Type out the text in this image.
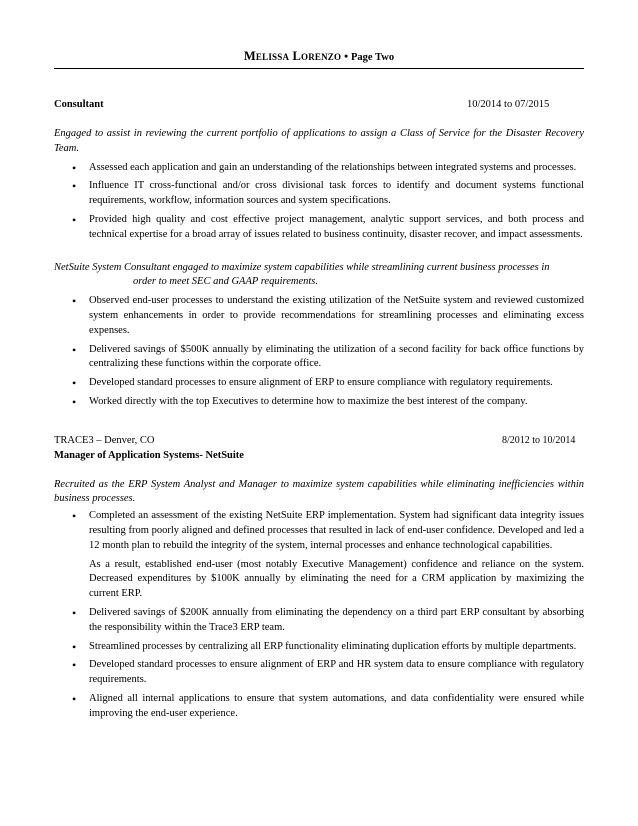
Melissa Lorenzo • Page Two
Consultant	10/2014 to 07/2015
Engaged to assist in reviewing the current portfolio of applications to assign a Class of Service for the Disaster Recovery Team.
• Assessed each application and gain an understanding of the relationships between integrated systems and processes.
• Influence IT cross-functional and/or cross divisional task forces to identify and document systems functional requirements, workflow, information sources and system specifications.
• Provided high quality and cost effective project management, analytic support services, and both process and technical expertise for a broad array of issues related to business continuity, disaster recover, and impact assessments.
NetSuite System Consultant engaged to maximize system capabilities while streamlining current business processes in
order to meet SEC and GAAP requirements.
• Observed end-user processes to understand the existing utilization of the NetSuite system and reviewed customized system enhancements in order to provide recommendations for streamlining processes and eliminating excess expenses.
• Delivered savings of $500K annually by eliminating the utilization of a second facility for back office functions by centralizing these functions within the corporate office.
• Developed standard processes to ensure alignment of ERP to ensure compliance with regulatory requirements.
• Worked directly with the top Executives to determine how to maximize the best interest of the company.
TRACE3 – Denver, CO	8/2012 to 10/2014
Manager of Application Systems- NetSuite
Recruited as the ERP System Analyst and Manager to maximize system capabilities while eliminating inefficiencies within business processes.
• Completed an assessment of the existing NetSuite ERP implementation. System had significant data integrity issues resulting from poorly aligned and defined processes that resulted in lack of end-user confidence. Developed and led a 12 month plan to rebuild the integrity of the system, internal processes and enhance technological capabilities.

As a result, established end-user (most notably Executive Management) confidence and reliance on the system. Decreased expenditures by $100K annually by eliminating the need for a CRM application by maximizing the current ERP.

• Delivered savings of $200K annually from eliminating the dependency on a third part ERP consultant by absorbing the responsibility within the Trace3 ERP team.
• Streamlined processes by centralizing all ERP functionality eliminating duplication efforts by multiple departments.
• Developed standard processes to ensure alignment of ERP and HR system data to ensure compliance with regulatory requirements.
• Aligned all internal applications to ensure that system automations, and data confidentiality were ensured while improving the end-user experience.
